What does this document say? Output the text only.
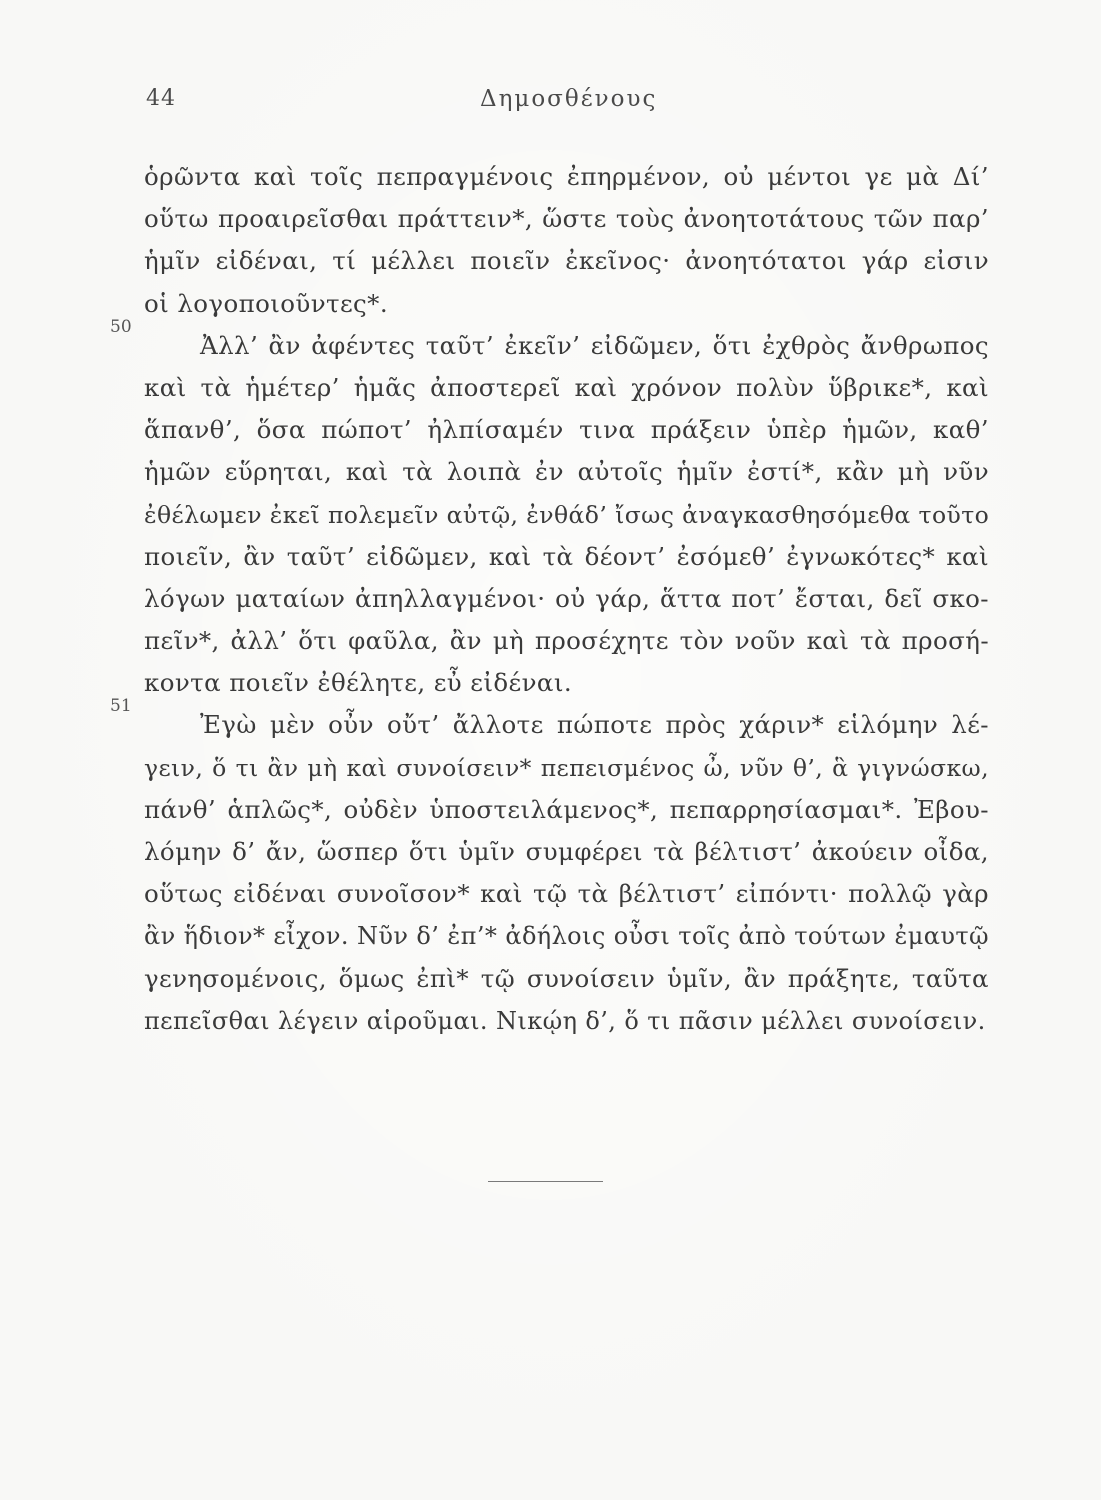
44	Δημοσθένους
50
51
ὁρῶντα καὶ τοῖς πεπραγμένοις ἐπηρμένον, οὐ μέντοι γε μὰ Δί’
οὕτω προαιρεῖσθαι πράττειν*, ὥστε τοὺς ἀνοητοτάτους τῶν παρ’
ἡμῖν εἰδέναι, τί μέλλει ποιεῖν ἐκεῖνος· ἀνοητότατοι γάρ εἰσιν
οἱ λογοποιοῦντες*.
Ἀλλ’ ἂν ἀφέντες ταῦτ’ ἐκεῖν’ εἰδῶμεν, ὅτι ἐχθρὸς ἄνθρωπος
καὶ τὰ ἡμέτερ’ ἡμᾶς ἀποστερεῖ καὶ χρόνον πολὺν ὕβρικε*, καὶ
ἅπανθ’, ὅσα πώποτ’ ἠλπίσαμέν τινα πράξειν ὑπὲρ ἡμῶν, καθ’
ἡμῶν εὕρηται, καὶ τὰ λοιπὰ ἐν αὐτοῖς ἡμῖν ἐστί*, κἂν μὴ νῦν
ἐθέλωμεν ἐκεῖ πολεμεῖν αὐτῷ, ἐνθάδ’ ἴσως ἀναγκασθησόμεθα τοῦτο
ποιεῖν, ἂν ταῦτ’ εἰδῶμεν, καὶ τὰ δέοντ’ ἐσόμεθ’ ἐγνωκότες* καὶ
λόγων ματαίων ἀπηλλαγμένοι· οὐ γάρ, ἅττα ποτ’ ἔσται, δεῖ σκο-
πεῖν*, ἀλλ’ ὅτι φαῦλα, ἂν μὴ προσέχητε τὸν νοῦν καὶ τὰ προσή-
κοντα ποιεῖν ἐθέλητε, εὖ εἰδέναι.
Ἐγὼ μὲν οὖν οὔτ’ ἄλλοτε πώποτε πρὸς χάριν* εἱλόμην λέ-
γειν, ὅ τι ἂν μὴ καὶ συνοίσειν* πεπεισμένος ὦ, νῦν θ’, ἃ γιγνώσκω,
πάνθ’ ἁπλῶς*, οὐδὲν ὑποστειλάμενος*, πεπαρρησίασμαι*. Ἐβου-
λόμην δ’ ἄν, ὥσπερ ὅτι ὑμῖν συμφέρει τὰ βέλτιστ’ ἀκούειν οἶδα,
οὕτως εἰδέναι συνοῖσον* καὶ τῷ τὰ βέλτιστ’ εἰπόντι· πολλῷ γὰρ
ἂν ἥδιον* εἶχον. Νῦν δ’ ἐπ’* ἀδήλοις οὖσι τοῖς ἀπὸ τούτων ἐμαυτῷ
γενησομένοις, ὅμως ἐπὶ* τῷ συνοίσειν ὑμῖν, ἂν πράξητε, ταῦτα
πεπεῖσθαι λέγειν αἱροῦμαι. Νικῴη δ’, ὅ τι πᾶσιν μέλλει συνοίσειν.
